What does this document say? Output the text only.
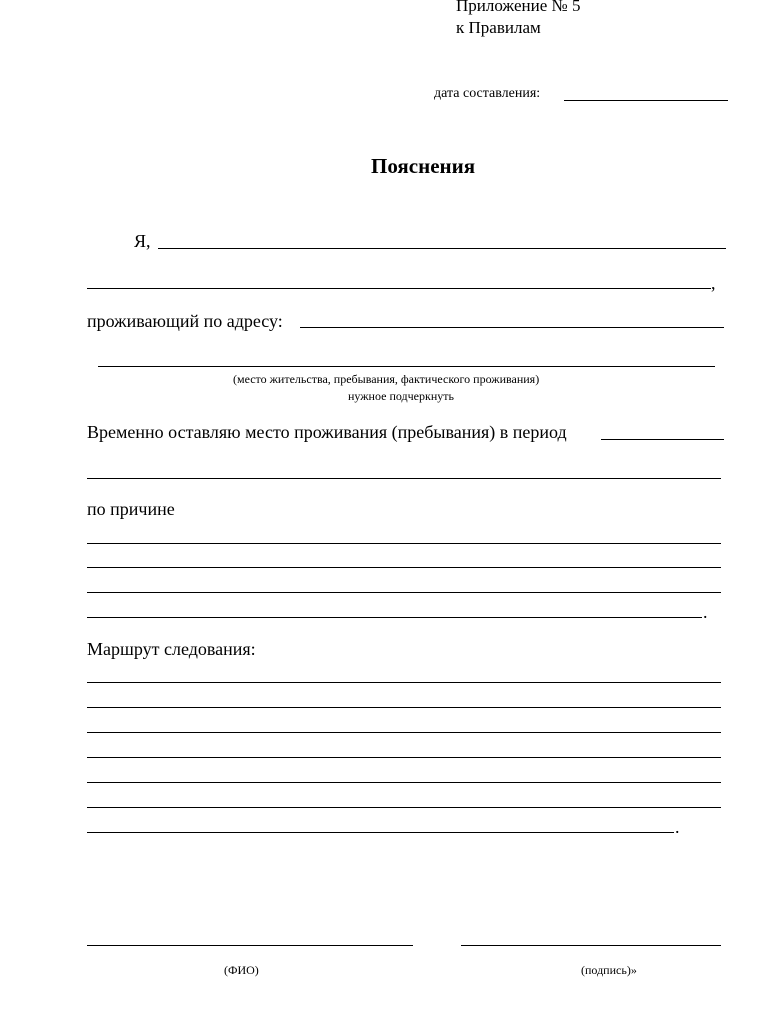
Приложение № 5
к Правилам
дата составления:
Пояснения
Я,
,
проживающий по адресу:
(место жительства, пребывания, фактического проживания)
нужное подчеркнуть
Временно оставляю место проживания (пребывания) в период
по причине
.
Маршрут следования:
.
(ФИО)	(подпись)»
